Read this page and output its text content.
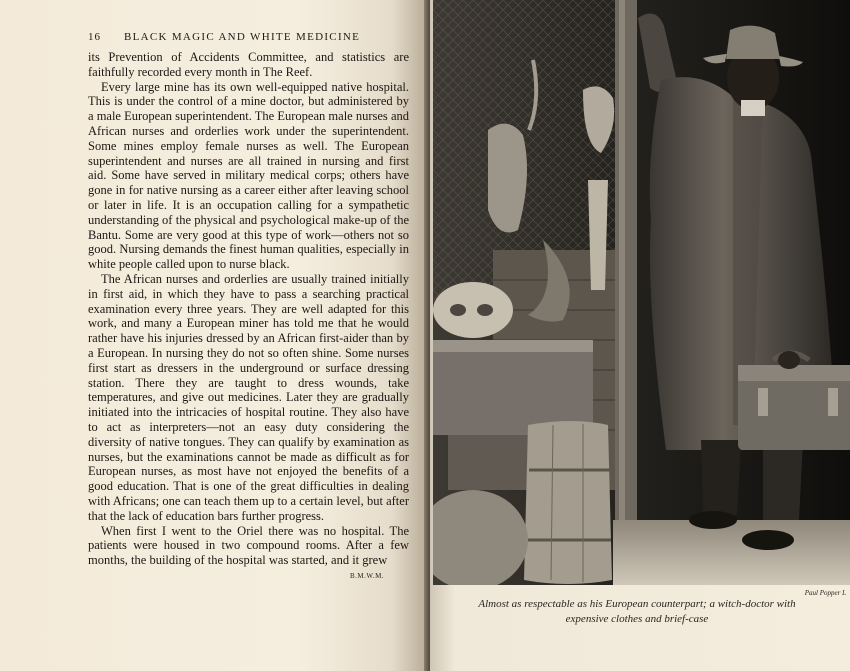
16 BLACK MAGIC AND WHITE MEDICINE

its Prevention of Accidents Committee, and statistics are faithfully recorded every month in The Reef.

Every large mine has its own well-equipped native hospital. This is under the control of a mine doctor, but administered by a male European superintendent. The European male nurses and African nurses and orderlies work under the superintendent. Some mines employ female nurses as well. The European superintendent and nurses are all trained in nursing and first aid. Some have served in military medical corps; others have gone in for native nursing as a career either after leaving school or later in life. It is an occupation calling for a sympathetic understanding of the physical and psychological make-up of the Bantu. Some are very good at this type of work—others not so good. Nursing demands the finest human qualities, especially in white people called upon to nurse black.

The African nurses and orderlies are usually trained initially in first aid, in which they have to pass a searching practical examination every three years. They are well adapted for this work, and many a European miner has told me that he would rather have his injuries dressed by an African first-aider than by a European. In nursing they do not so often shine. Some nurses first start as dressers in the underground or surface dressing station. There they are taught to dress wounds, take temperatures, and give out medicines. Later they are gradually initiated into the intricacies of hospital routine. They also have to act as interpreters—not an easy duty considering the diversity of native tongues. They can qualify by examination as nurses, but the examinations cannot be made as difficult as for European nurses, as most have not enjoyed the benefits of a good education. That is one of the great difficulties in dealing with Africans; one can teach them up to a certain level, but after that the lack of education bars further progress.

When first I went to the Oriel there was no hospital. The patients were housed in two compound rooms. After a few months, the building of the hospital was started, and it grew

B.M.W.M.
Paul Popper L
Almost as respectable as his European counterpart; a witch-doctor with expensive clothes and brief-case
